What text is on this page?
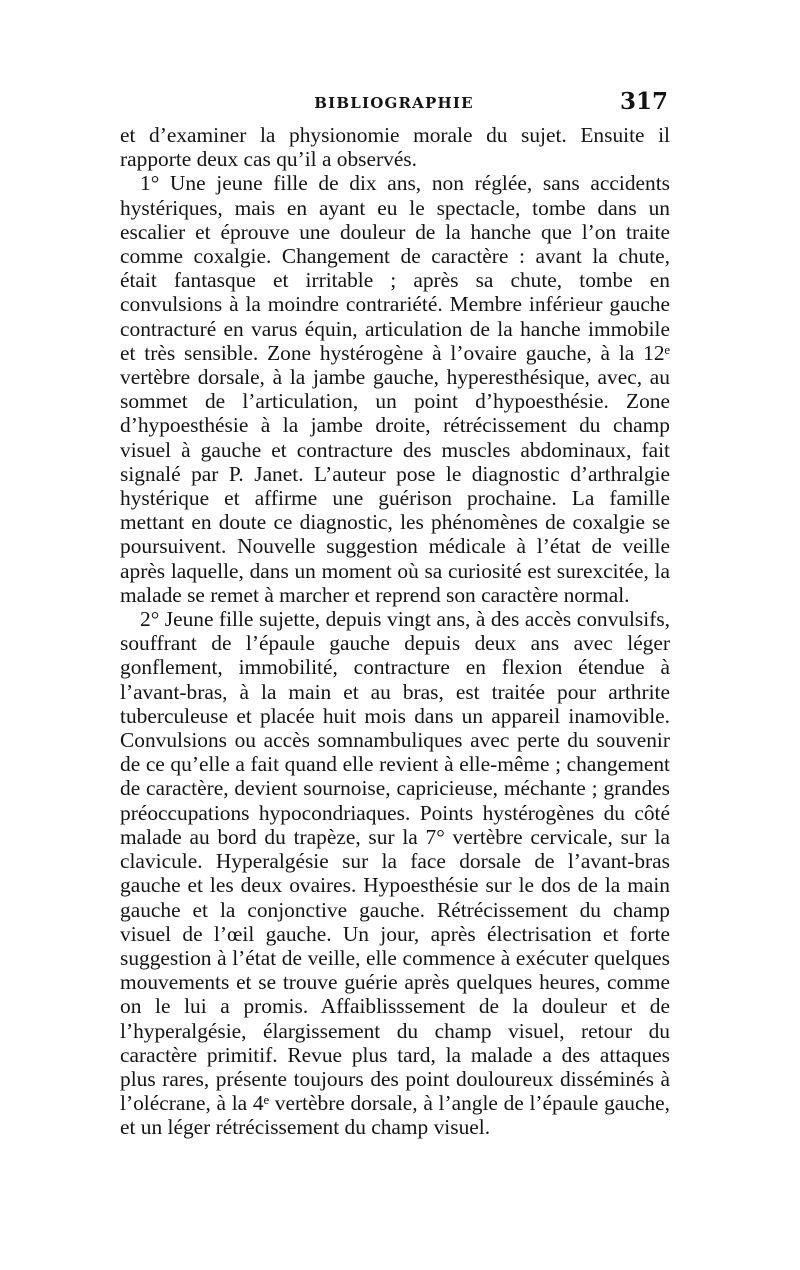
BIBLIOGRAPHIE	317

et d’examiner la physionomie morale du sujet. Ensuite il rapporte deux cas qu’il a observés.

1° Une jeune fille de dix ans, non réglée, sans accidents hystériques, mais en ayant eu le spectacle, tombe dans un escalier et éprouve une douleur de la hanche que l’on traite comme coxalgie. Changement de caractère : avant la chute, était fantasque et irritable ; après sa chute, tombe en convulsions à la moindre contrariété. Membre inférieur gauche contracturé en varus équin, articulation de la hanche immobile et très sensible. Zone hystérogène à l’ovaire gauche, à la 12ᵉ vertèbre dorsale, à la jambe gauche, hyperesthésique, avec, au sommet de l’articulation, un point d’hypoesthésie. Zone d’hypoesthésie à la jambe droite, rétrécissement du champ visuel à gauche et contracture des muscles abdominaux, fait signalé par P. Janet. L’auteur pose le diagnostic d’arthralgie hystérique et affirme une guérison prochaine. La famille mettant en doute ce diagnostic, les phénomènes de coxalgie se poursuivent. Nouvelle suggestion médicale à l’état de veille après laquelle, dans un moment où sa curiosité est surexcitée, la malade se remet à marcher et reprend son caractère normal.

2° Jeune fille sujette, depuis vingt ans, à des accès convulsifs, souffrant de l’épaule gauche depuis deux ans avec léger gonflement, immobilité, contracture en flexion étendue à l’avant-bras, à la main et au bras, est traitée pour arthrite tuberculeuse et placée huit mois dans un appareil inamovible. Convulsions ou accès somnambuliques avec perte du souvenir de ce qu’elle a fait quand elle revient à elle-même ; changement de caractère, devient sournoise, capricieuse, méchante ; grandes préoccupations hypocondriaques. Points hystérogènes du côté malade au bord du trapèze, sur la 7° vertèbre cervicale, sur la clavicule. Hyperalgésie sur la face dorsale de l’avant-bras gauche et les deux ovaires. Hypoesthésie sur le dos de la main gauche et la conjonctive gauche. Rétrécissement du champ visuel de l’œil gauche. Un jour, après électrisation et forte suggestion à l’état de veille, elle commence à exécuter quelques mouvements et se trouve guérie après quelques heures, comme on le lui a promis. Affaiblisssement de la douleur et de l’hyperalgésie, élargissement du champ visuel, retour du caractère primitif. Revue plus tard, la malade a des attaques plus rares, présente toujours des point douloureux disséminés à l’olécrane, à la 4ᵉ vertèbre dorsale, à l’angle de l’épaule gauche, et un léger rétrécissement du champ visuel.
